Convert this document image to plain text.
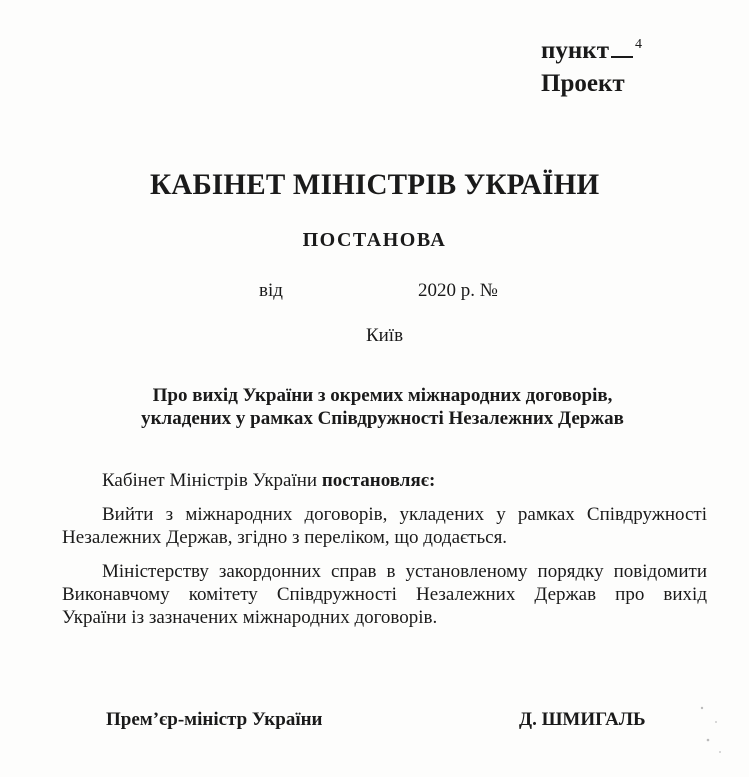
пункт $^4$
Проект
КАБІНЕТ МІНІСТРІВ УКРАЇНИ
ПОСТАНОВА
від	2020 р. №
Київ
Про вихід України з окремих міжнародних договорів,
укладених у рамках Співдружності Незалежних Держав
Кабінет Міністрів України постановляє:
Вийти з міжнародних договорів, укладених у рамках Співдружності
Незалежних Держав, згідно з переліком, що додається.
Міністерству закордонних справ в установленому порядку повідомити
Виконавчому комітету Співдружності Незалежних Держав про вихід
України із зазначених міжнародних договорів.
Прем’єр-міністр України	Д. ШМИГАЛЬ
